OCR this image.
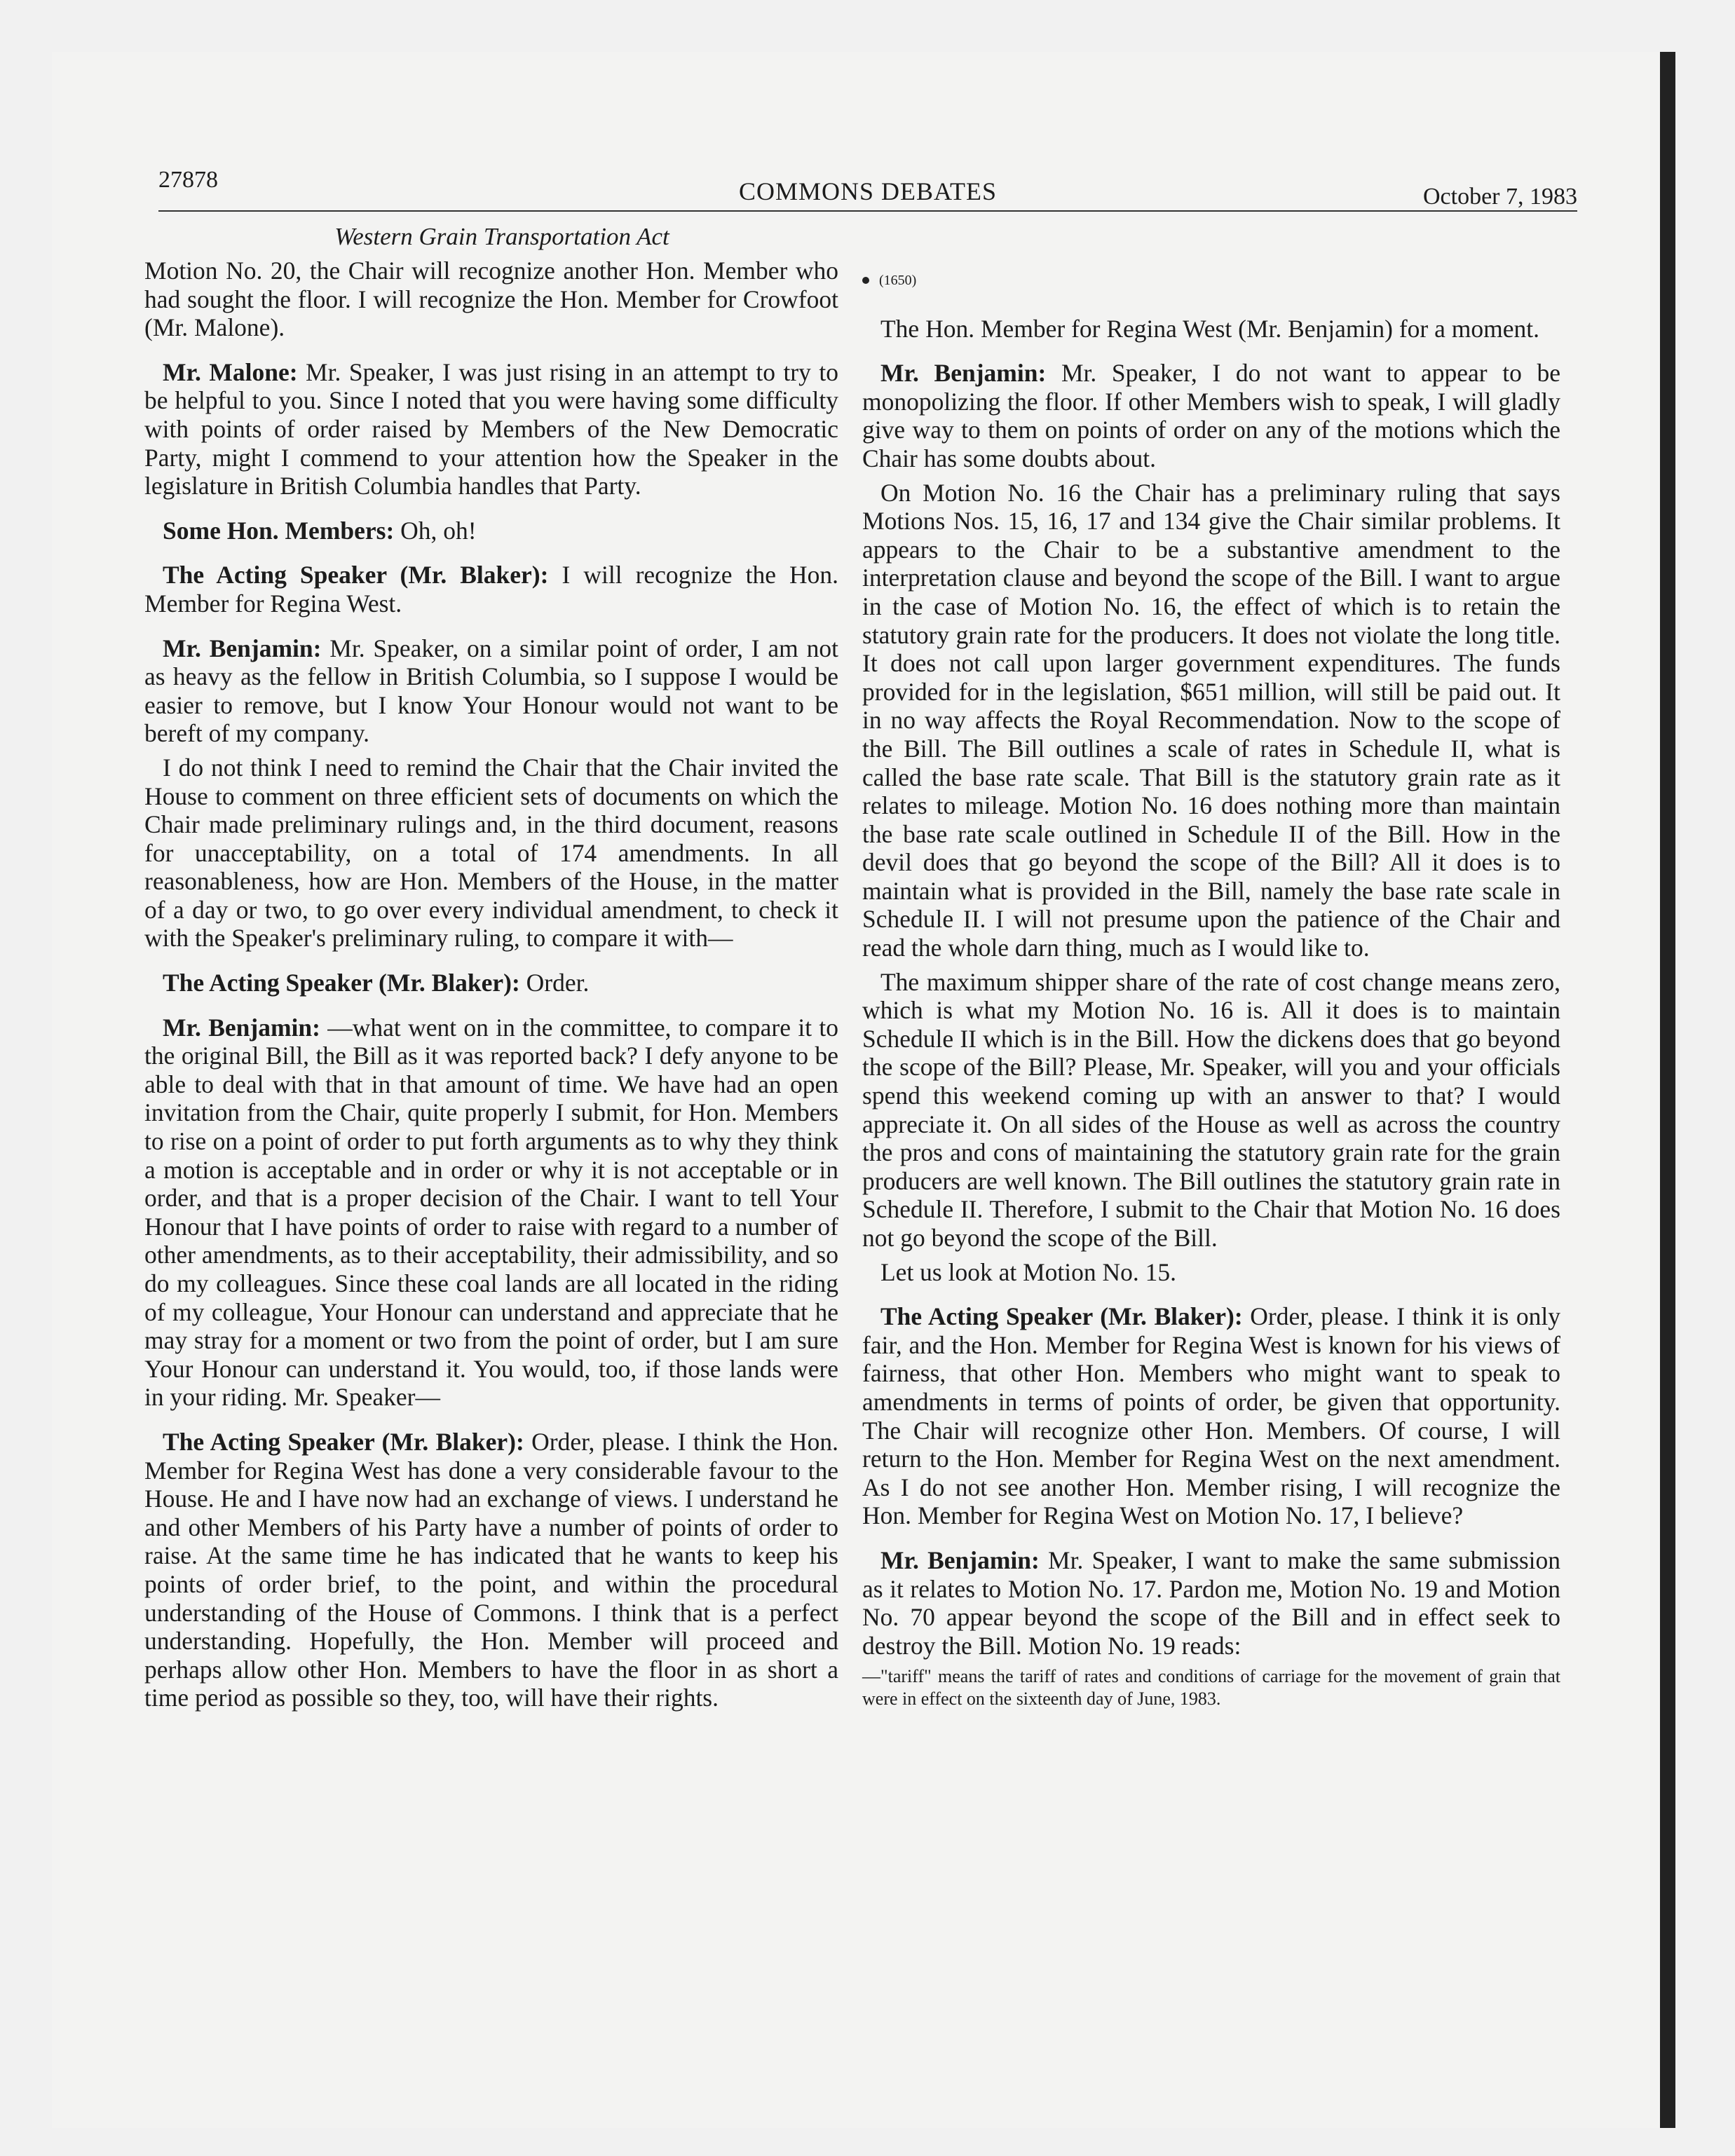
27878	COMMONS DEBATES	October 7, 1983
Western Grain Transportation Act

Motion No. 20, the Chair will recognize another Hon. Member who had sought the floor. I will recognize the Hon. Member for Crowfoot (Mr. Malone).

Mr. Malone: Mr. Speaker, I was just rising in an attempt to try to be helpful to you. Since I noted that you were having some difficulty with points of order raised by Members of the New Democratic Party, might I commend to your attention how the Speaker in the legislature in British Columbia handles that Party.

Some Hon. Members: Oh, oh!

The Acting Speaker (Mr. Blaker): I will recognize the Hon. Member for Regina West.

Mr. Benjamin: Mr. Speaker, on a similar point of order, I am not as heavy as the fellow in British Columbia, so I suppose I would be easier to remove, but I know Your Honour would not want to be bereft of my company.

I do not think I need to remind the Chair that the Chair invited the House to comment on three efficient sets of documents on which the Chair made preliminary rulings and, in the third document, reasons for unacceptability, on a total of 174 amendments. In all reasonableness, how are Hon. Members of the House, in the matter of a day or two, to go over every individual amendment, to check it with the Speaker's preliminary ruling, to compare it with—

The Acting Speaker (Mr. Blaker): Order.

Mr. Benjamin: —what went on in the committee, to compare it to the original Bill, the Bill as it was reported back? I defy anyone to be able to deal with that in that amount of time. We have had an open invitation from the Chair, quite properly I submit, for Hon. Members to rise on a point of order to put forth arguments as to why they think a motion is acceptable and in order or why it is not acceptable or in order, and that is a proper decision of the Chair. I want to tell Your Honour that I have points of order to raise with regard to a number of other amendments, as to their acceptability, their admissibility, and so do my colleagues. Since these coal lands are all located in the riding of my colleague, Your Honour can understand and appreciate that he may stray for a moment or two from the point of order, but I am sure Your Honour can understand it. You would, too, if those lands were in your riding. Mr. Speaker—

The Acting Speaker (Mr. Blaker): Order, please. I think the Hon. Member for Regina West has done a very considerable favour to the House. He and I have now had an exchange of views. I understand he and other Members of his Party have a number of points of order to raise. At the same time he has indicated that he wants to keep his points of order brief, to the point, and within the procedural understanding of the House of Commons. I think that is a perfect understanding. Hopefully, the Hon. Member will proceed and perhaps allow other Hon. Members to have the floor in as short a time period as possible so they, too, will have their rights.

(1650)

The Hon. Member for Regina West (Mr. Benjamin) for a moment.

Mr. Benjamin: Mr. Speaker, I do not want to appear to be monopolizing the floor. If other Members wish to speak, I will gladly give way to them on points of order on any of the motions which the Chair has some doubts about.

On Motion No. 16 the Chair has a preliminary ruling that says Motions Nos. 15, 16, 17 and 134 give the Chair similar problems. It appears to the Chair to be a substantive amendment to the interpretation clause and beyond the scope of the Bill. I want to argue in the case of Motion No. 16, the effect of which is to retain the statutory grain rate for the producers. It does not violate the long title. It does not call upon larger government expenditures. The funds provided for in the legislation, $651 million, will still be paid out. It in no way affects the Royal Recommendation. Now to the scope of the Bill. The Bill outlines a scale of rates in Schedule II, what is called the base rate scale. That Bill is the statutory grain rate as it relates to mileage. Motion No. 16 does nothing more than maintain the base rate scale outlined in Schedule II of the Bill. How in the devil does that go beyond the scope of the Bill? All it does is to maintain what is provided in the Bill, namely the base rate scale in Schedule II. I will not presume upon the patience of the Chair and read the whole darn thing, much as I would like to.

The maximum shipper share of the rate of cost change means zero, which is what my Motion No. 16 is. All it does is to maintain Schedule II which is in the Bill. How the dickens does that go beyond the scope of the Bill? Please, Mr. Speaker, will you and your officials spend this weekend coming up with an answer to that? I would appreciate it. On all sides of the House as well as across the country the pros and cons of maintaining the statutory grain rate for the grain producers are well known. The Bill outlines the statutory grain rate in Schedule II. Therefore, I submit to the Chair that Motion No. 16 does not go beyond the scope of the Bill.

Let us look at Motion No. 15.

The Acting Speaker (Mr. Blaker): Order, please. I think it is only fair, and the Hon. Member for Regina West is known for his views of fairness, that other Hon. Members who might want to speak to amendments in terms of points of order, be given that opportunity. The Chair will recognize other Hon. Members. Of course, I will return to the Hon. Member for Regina West on the next amendment. As I do not see another Hon. Member rising, I will recognize the Hon. Member for Regina West on Motion No. 17, I believe?

Mr. Benjamin: Mr. Speaker, I want to make the same submission as it relates to Motion No. 17. Pardon me, Motion No. 19 and Motion No. 70 appear beyond the scope of the Bill and in effect seek to destroy the Bill. Motion No. 19 reads:

—"tariff" means the tariff of rates and conditions of carriage for the movement of grain that were in effect on the sixteenth day of June, 1983.
